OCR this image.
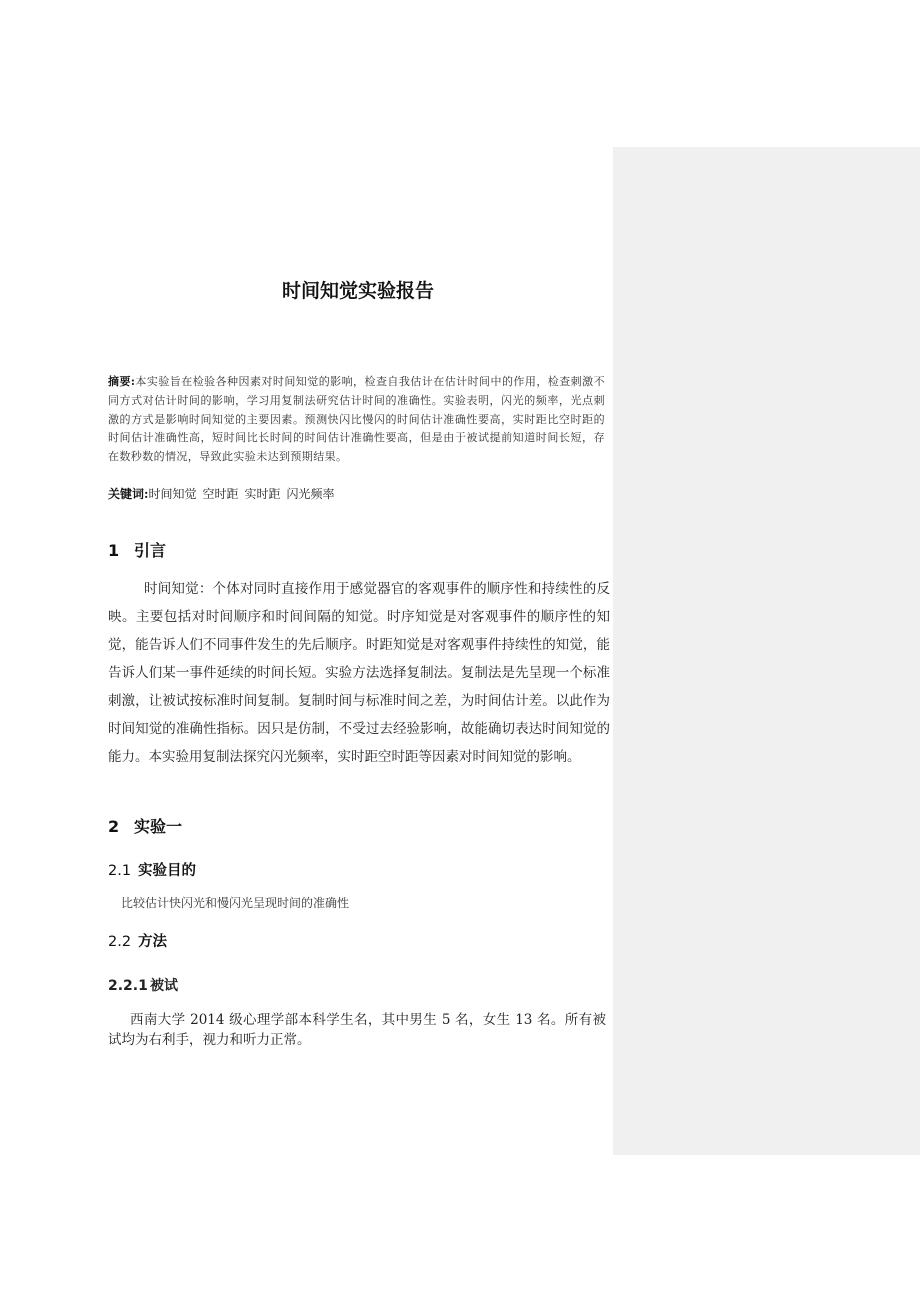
时间知觉实验报告

摘要:本实验旨在检验各种因素对时间知觉的影响，检查自我估计在估计时间中的作用，检查刺激不同方式对估计时间的影响，学习用复制法研究估计时间的准确性。实验表明，闪光的频率，光点刺激的方式是影响时间知觉的主要因素。预测快闪比慢闪的时间估计准确性要高，实时距比空时距的时间估计准确性高，短时间比长时间的时间估计准确性要高，但是由于被试提前知道时间长短，存在数秒数的情况，导致此实验未达到预期结果。

关键词:时间知觉 空时距 实时距 闪光频率

1 引言

时间知觉：个体对同时直接作用于感觉器官的客观事件的顺序性和持续性的反映。主要包括对时间顺序和时间间隔的知觉。时序知觉是对客观事件的顺序性的知觉，能告诉人们不同事件发生的先后顺序。时距知觉是对客观事件持续性的知觉，能告诉人们某一事件延续的时间长短。实验方法选择复制法。复制法是先呈现一个标准刺激，让被试按标准时间复制。复制时间与标准时间之差，为时间估计差。以此作为时间知觉的准确性指标。因只是仿制，不受过去经验影响，故能确切表达时间知觉的能力。本实验用复制法探究闪光频率，实时距空时距等因素对时间知觉的影响。

2 实验一
2.1 实验目的

比较估计快闪光和慢闪光呈现时间的准确性

2.2 方法
2.2.1 被试

西南大学 2014 级心理学部本科学生名，其中男生 5 名，女生 13 名。所有被试均为右利手，视力和听力正常。
